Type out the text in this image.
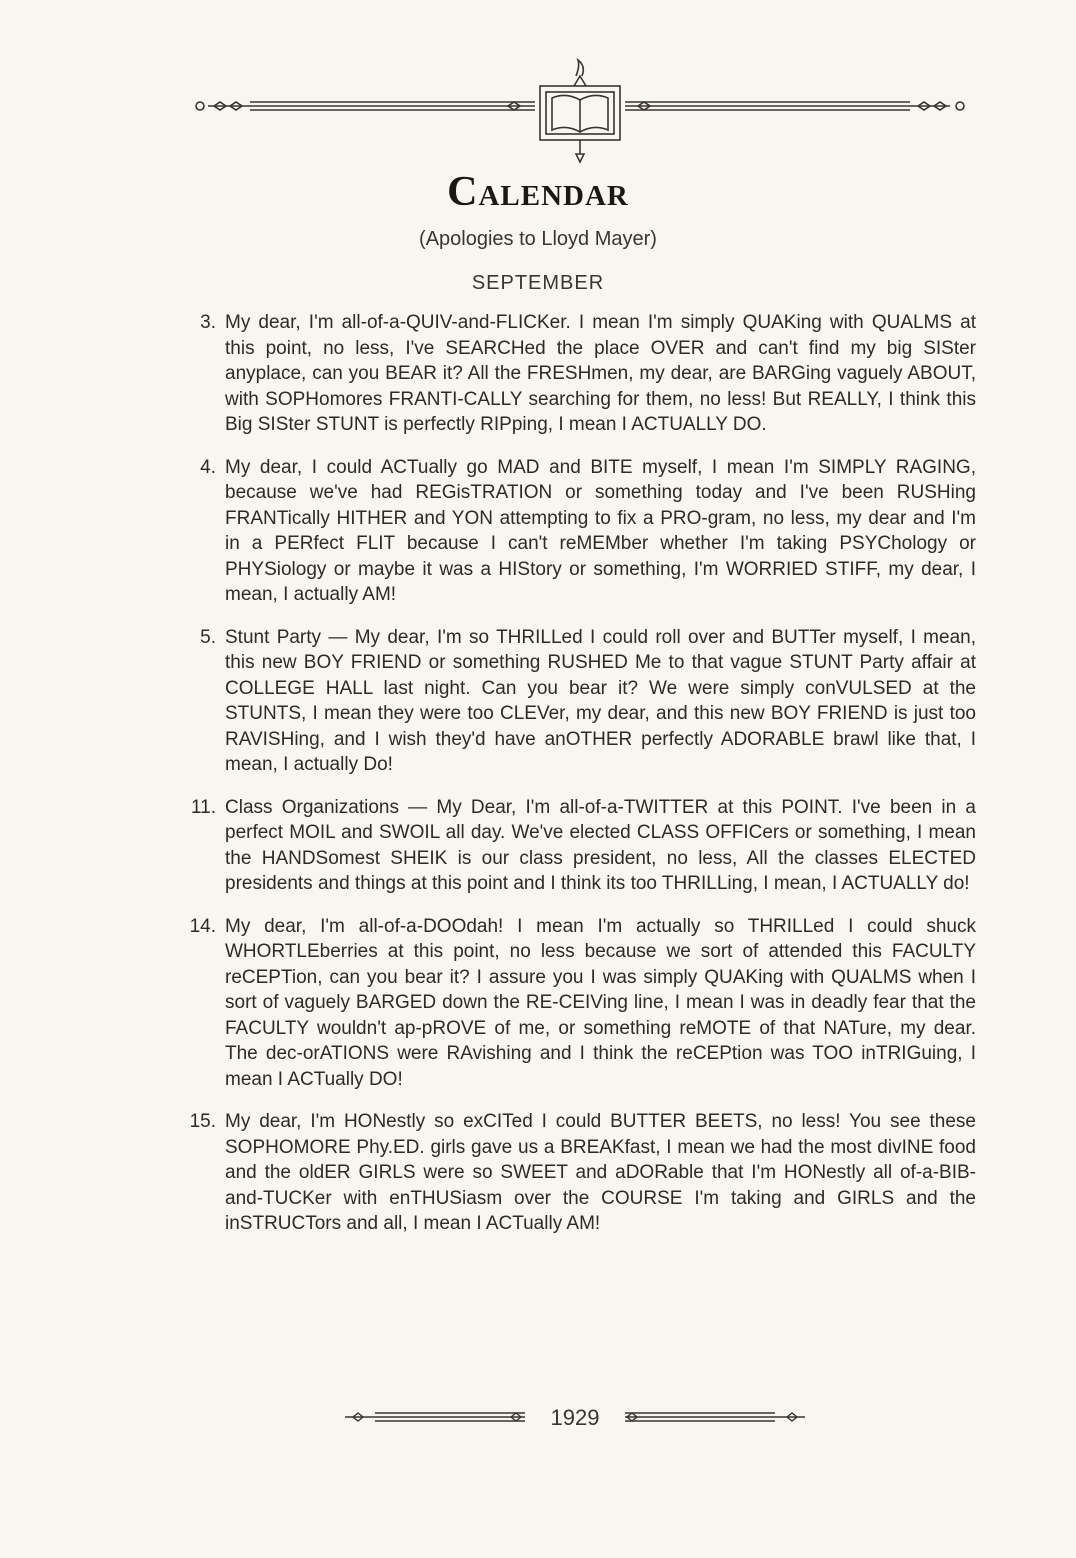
Calendar
(Apologies to Lloyd Mayer)
SEPTEMBER
3. My dear, I'm all-of-a-QUIV-and-FLICKer. I mean I'm simply QUAKing with QUALMS at this point, no less, I've SEARCHed the place OVER and can't find my big SISter anyplace, can you BEAR it? All the FRESHmen, my dear, are BARGing vaguely ABOUT, with SOPHomores FRANTI-CALLY searching for them, no less! But REALLY, I think this Big SISter STUNT is perfectly RIPping, I mean I ACTUALLY DO.
4. My dear, I could ACTually go MAD and BITE myself, I mean I'm SIMPLY RAGING, because we've had REGisTRATION or something today and I've been RUSHing FRANTically HITHER and YON attempting to fix a PRO-gram, no less, my dear and I'm in a PERfect FLIT because I can't reMEMber whether I'm taking PSYChology or PHYSiology or maybe it was a HIStory or something, I'm WORRIED STIFF, my dear, I mean, I actually AM!
5. Stunt Party — My dear, I'm so THRILLed I could roll over and BUTTer myself, I mean, this new BOY FRIEND or something RUSHED Me to that vague STUNT Party affair at COLLEGE HALL last night. Can you bear it? We were simply conVULSED at the STUNTS, I mean they were too CLEVer, my dear, and this new BOY FRIEND is just too RAVISHing, and I wish they'd have anOTHER perfectly ADORABLE brawl like that, I mean, I actually Do!
11. Class Organizations — My Dear, I'm all-of-a-TWITTER at this POINT. I've been in a perfect MOIL and SWOIL all day. We've elected CLASS OFFICers or something, I mean the HANDSomest SHEIK is our class president, no less, All the classes ELECTED presidents and things at this point and I think its too THRILLing, I mean, I ACTUALLY do!
14. My dear, I'm all-of-a-DOOdah! I mean I'm actually so THRILLed I could shuck WHORTLEberries at this point, no less because we sort of attended this FACULTY reCEPTion, can you bear it? I assure you I was simply QUAKing with QUALMS when I sort of vaguely BARGED down the RE-CEIVing line, I mean I was in deadly fear that the FACULTY wouldn't ap-pROVE of me, or something reMOTE of that NATure, my dear. The dec-orATIONS were RAvishing and I think the reCEPtion was TOO inTRIGuing, I mean I ACTually DO!
15. My dear, I'm HONestly so exCITed I could BUTTER BEETS, no less! You see these SOPHOMORE Phy.ED. girls gave us a BREAKfast, I mean we had the most divINE food and the oldER GIRLS were so SWEET and aDORable that I'm HONestly all of-a-BIB-and-TUCKer with enTHUSiasm over the COURSE I'm taking and GIRLS and the inSTRUCTors and all, I mean I ACTually AM!
1929
